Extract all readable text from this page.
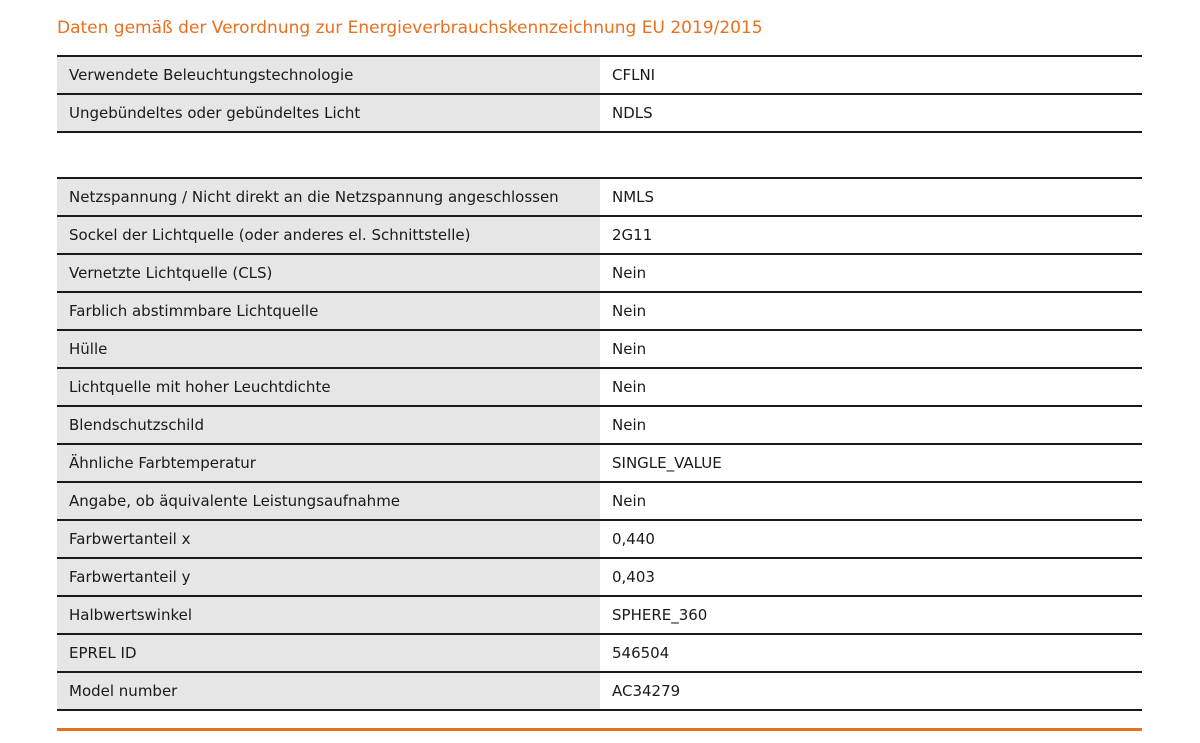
Daten gemäß der Verordnung zur Energieverbrauchskennzeichnung EU 2019/2015
Verwendete Beleuchtungstechnologie	CFLNI
Ungebündeltes oder gebündeltes Licht	NDLS
Netzspannung / Nicht direkt an die Netzspannung angeschlossen	NMLS
Sockel der Lichtquelle (oder anderes el. Schnittstelle)	2G11
Vernetzte Lichtquelle (CLS)	Nein
Farblich abstimmbare Lichtquelle	Nein
Hülle	Nein
Lichtquelle mit hoher Leuchtdichte	Nein
Blendschutzschild	Nein
Ähnliche Farbtemperatur	SINGLE_VALUE
Angabe, ob äquivalente Leistungsaufnahme	Nein
Farbwertanteil x	0,440
Farbwertanteil y	0,403
Halbwertswinkel	SPHERE_360
EPREL ID	546504
Model number	AC34279
